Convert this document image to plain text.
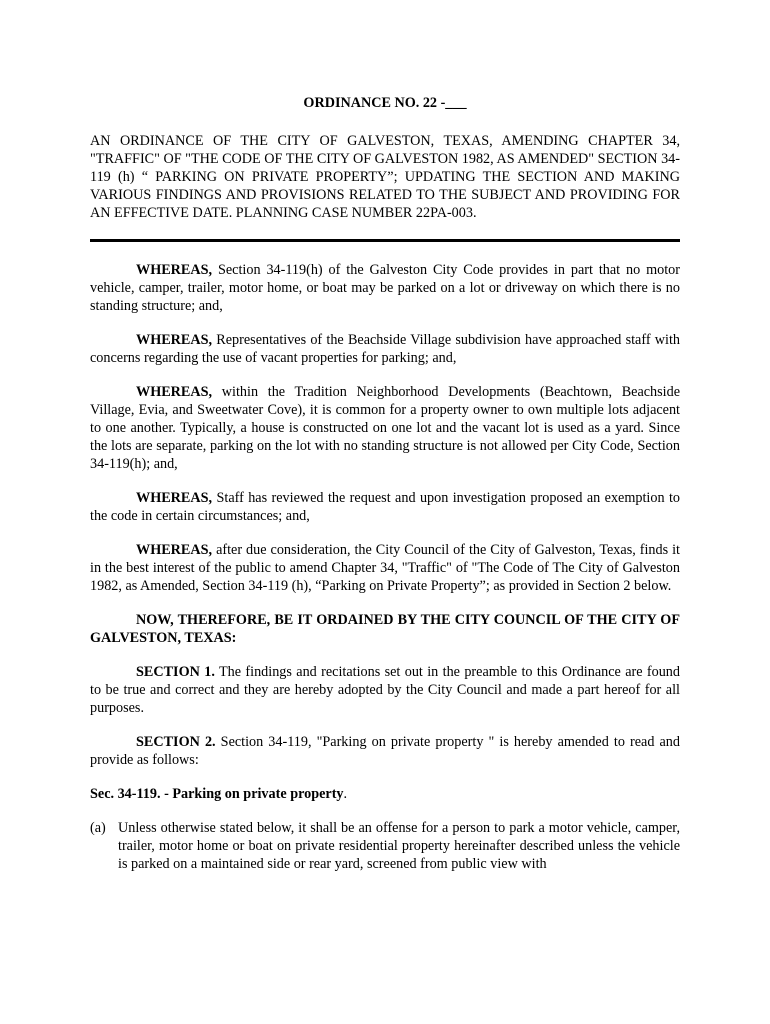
ORDINANCE NO. 22 -___

AN ORDINANCE OF THE CITY OF GALVESTON, TEXAS, AMENDING CHAPTER 34, "TRAFFIC" OF "THE CODE OF THE CITY OF GALVESTON 1982, AS AMENDED" SECTION 34-119 (h) “ PARKING ON PRIVATE PROPERTY”; UPDATING THE SECTION AND MAKING VARIOUS FINDINGS AND PROVISIONS RELATED TO THE SUBJECT AND PROVIDING FOR AN EFFECTIVE DATE. PLANNING CASE NUMBER 22PA-003.

WHEREAS, Section 34-119(h) of the Galveston City Code provides in part that no motor vehicle, camper, trailer, motor home, or boat may be parked on a lot or driveway on which there is no standing structure; and,

WHEREAS, Representatives of the Beachside Village subdivision have approached staff with concerns regarding the use of vacant properties for parking; and,

WHEREAS, within the Tradition Neighborhood Developments (Beachtown, Beachside Village, Evia, and Sweetwater Cove), it is common for a property owner to own multiple lots adjacent to one another. Typically, a house is constructed on one lot and the vacant lot is used as a yard. Since the lots are separate, parking on the lot with no standing structure is not allowed per City Code, Section 34-119(h); and,

WHEREAS, Staff has reviewed the request and upon investigation proposed an exemption to the code in certain circumstances; and,

WHEREAS, after due consideration, the City Council of the City of Galveston, Texas, finds it in the best interest of the public to amend Chapter 34, "Traffic" of "The Code of The City of Galveston 1982, as Amended, Section 34-119 (h), “Parking on Private Property”; as provided in Section 2 below.

NOW, THEREFORE, BE IT ORDAINED BY THE CITY COUNCIL OF THE CITY OF GALVESTON, TEXAS:

SECTION 1. The findings and recitations set out in the preamble to this Ordinance are found to be true and correct and they are hereby adopted by the City Council and made a part hereof for all purposes.

SECTION 2. Section 34-119, "Parking on private property " is hereby amended to read and provide as follows:

Sec. 34-119. - Parking on private property.
(a) Unless otherwise stated below, it shall be an offense for a person to park a motor vehicle, camper, trailer, motor home or boat on private residential property hereinafter described unless the vehicle is parked on a maintained side or rear yard, screened from public view with
